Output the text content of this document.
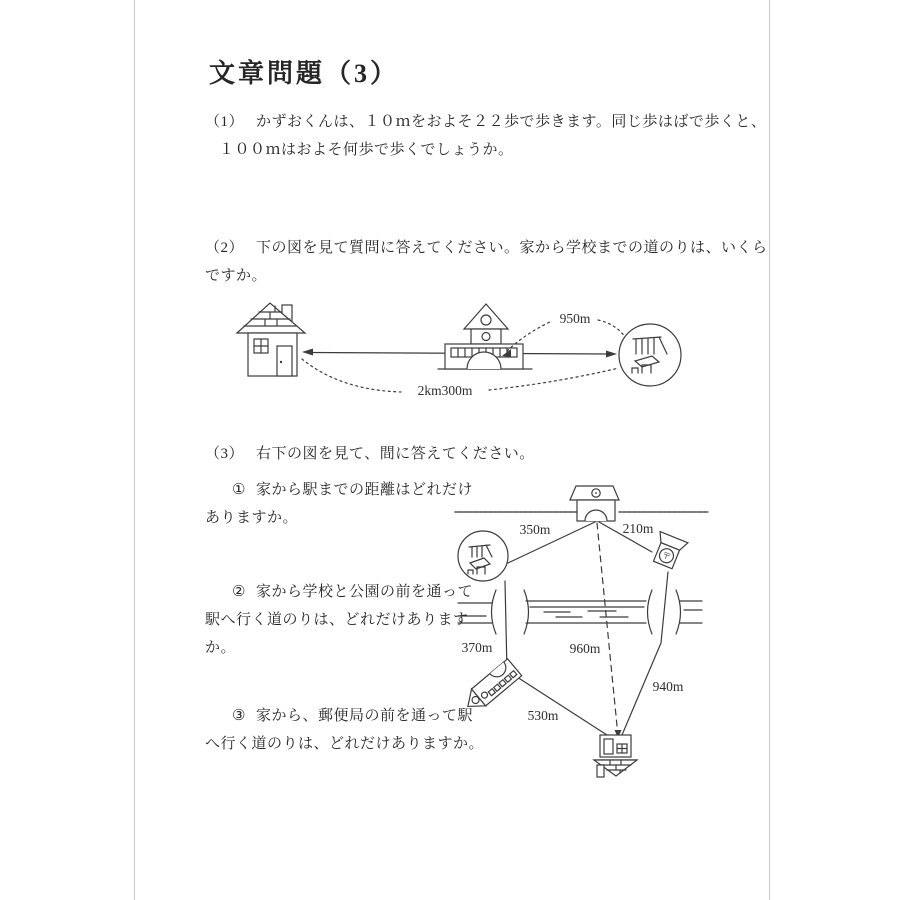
文章問題（3）
（1） かずおくんは、１０ｍをおよそ２２歩で歩きます。同じ歩はばで歩くと、
１００ｍはおよそ何歩で歩くでしょうか。
（2） 下の図を見て質問に答えてください。家から学校までの道のりは、いくら
ですか。
950m
2km300m
（3） 右下の図を見て、間に答えてください。
① 家から駅までの距離はどれだけ
ありますか。
② 家から学校と公園の前を通って
駅へ行く道のりは、どれだけあります
か。
③ 家から、郵便局の前を通って駅
へ行く道のりは、どれだけありますか。
350m	210m
370m	960m
940m
530m
〒
